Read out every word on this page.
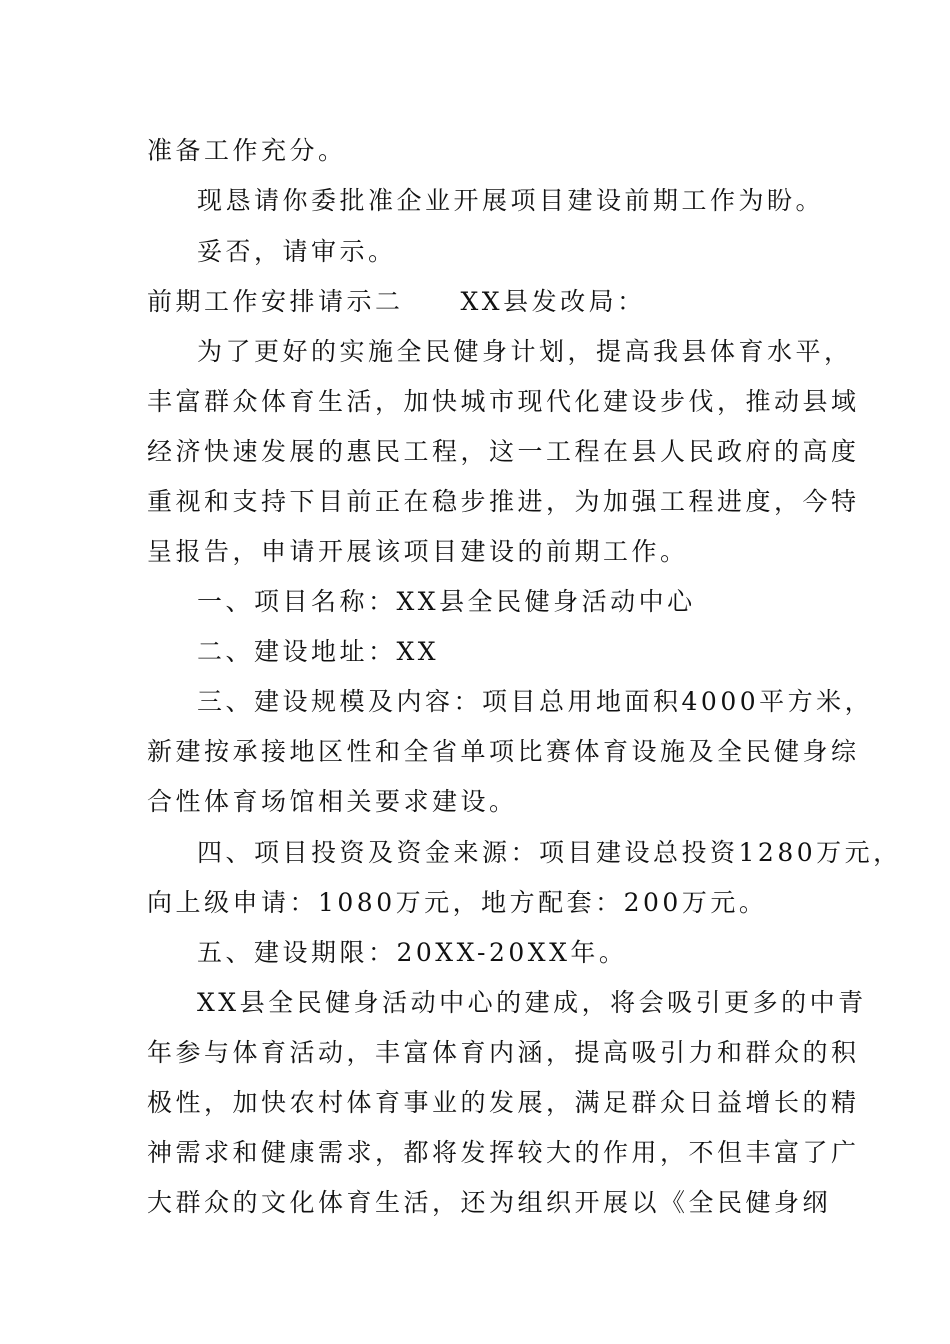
准备工作充分。
现恳请你委批准企业开展项目建设前期工作为盼。
妥否，请审示。
前期工作安排请示二　　XX县发改局：
为了更好的实施全民健身计划，提高我县体育水平，
丰富群众体育生活，加快城市现代化建设步伐，推动县域
经济快速发展的惠民工程，这一工程在县人民政府的高度
重视和支持下目前正在稳步推进，为加强工程进度，今特
呈报告，申请开展该项目建设的前期工作。
一、项目名称：XX县全民健身活动中心
二、建设地址：XX
三、建设规模及内容：项目总用地面积4000平方米，
新建按承接地区性和全省单项比赛体育设施及全民健身综
合性体育场馆相关要求建设。
四、项目投资及资金来源：项目建设总投资1280万元，
向上级申请：1080万元，地方配套：200万元。
五、建设期限：20XX-20XX年。
XX县全民健身活动中心的建成，将会吸引更多的中青
年参与体育活动，丰富体育内涵，提高吸引力和群众的积
极性，加快农村体育事业的发展，满足群众日益增长的精
神需求和健康需求，都将发挥较大的作用，不但丰富了广
大群众的文化体育生活，还为组织开展以《全民健身纲
